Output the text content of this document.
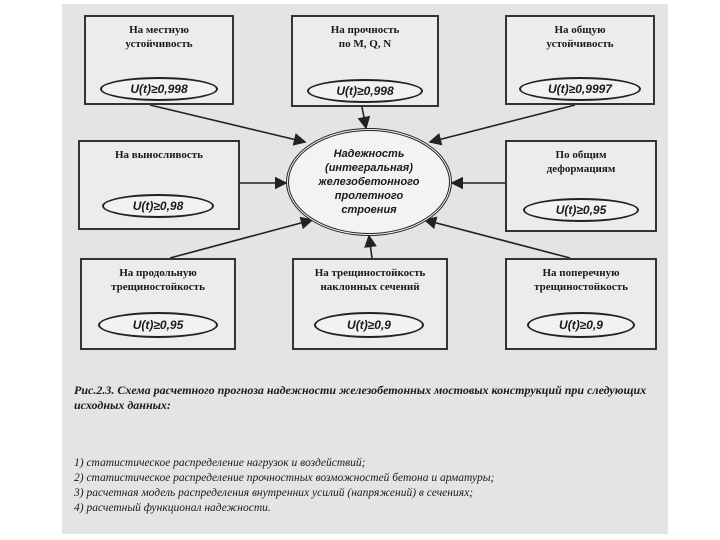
На местную
устойчивость
U(t)≥0,998
На прочность
по M, Q, N
U(t)≥0,998
На общую
устойчивость
U(t)≥0,9997
На выносливость
U(t)≥0,98
По общим
деформациям
U(t)≥0,95
На продольную
трещиностойкость
U(t)≥0,95
На трещиностойкость
наклонных сечений
U(t)≥0,9
На поперечную
трещиностойкость
U(t)≥0,9
Надежность
(интегральная)
железобетонного
пролетного
строения
Рис.2.3. Схема расчетного прогноза надежности железобетонных мостовых конструкций при следующих исходных данных:
1) статистическое распределение нагрузок и воздействий;
2) статистическое распределение прочностных возможностей бетона и арматуры;
3) расчетная модель распределения внутренних усилий (напряжений) в сечениях;
4) расчетный функционал надежности.
